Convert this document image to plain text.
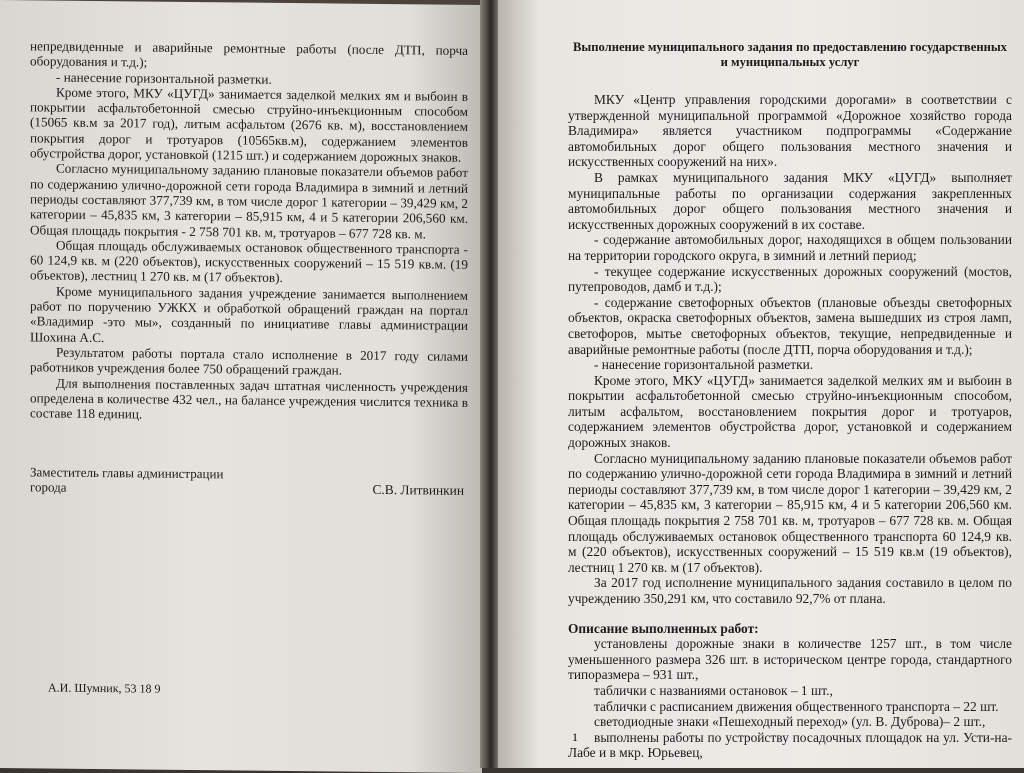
непредвиденные и аварийные ремонтные работы (после ДТП, порча оборудования и т.д.);

- нанесение горизонтальной разметки.

Кроме этого, МКУ «ЦУГД» занимается заделкой мелких ям и выбоин в покрытии асфальтобетонной смесью струйно-инъекционным способом (15065 кв.м за 2017 год), литым асфальтом (2676 кв. м), восстановлением покрытия дорог и тротуаров (10565кв.м), содержанием элементов обустройства дорог, установкой (1215 шт.) и содержанием дорожных знаков.

Согласно муниципальному заданию плановые показатели объемов работ по содержанию улично-дорожной сети города Владимира в зимний и летний периоды составляют 377,739 км, в том числе дорог 1 категории – 39,429 км, 2 категории – 45,835 км, 3 категории – 85,915 км, 4 и 5 категории 206,560 км. Общая площадь покрытия - 2 758 701 кв. м, тротуаров – 677 728 кв. м.

Общая площадь обслуживаемых остановок общественного транспорта - 60 124,9 кв. м (220 объектов), искусственных сооружений – 15 519 кв.м. (19 объектов), лестниц 1 270 кв. м (17 объектов).

Кроме муниципального задания учреждение занимается выполнением работ по поручению УЖКХ и обработкой обращений граждан на портал «Владимир -это мы», созданный по инициативе главы администрации Шохина А.С.

Результатом работы портала стало исполнение в 2017 году силами работников учреждения более 750 обращений граждан.

Для выполнения поставленных задач штатная численность учреждения определена в количестве 432 чел., на балансе учреждения числится техника в составе 118 единиц.

Заместитель главы администрации города	С.В. Литвинкин
А.И. Шумник, 53 18 9

Выполнение муниципального задания по предоставлению государственных и муниципальных услуг

МКУ «Центр управления городскими дорогами» в соответствии с утвержденной муниципальной программой «Дорожное хозяйство города Владимира» является участником подпрограммы «Содержание автомобильных дорог общего пользования местного значения и искусственных сооружений на них».

В рамках муниципального задания МКУ «ЦУГД» выполняет муниципальные работы по организации содержания закрепленных автомобильных дорог общего пользования местного значения и искусственных дорожных сооружений в их составе.

- содержание автомобильных дорог, находящихся в общем пользовании на территории городского округа, в зимний и летний период;

- текущее содержание искусственных дорожных сооружений (мостов, путепроводов, дамб и т.д.);

- содержание светофорных объектов (плановые объезды светофорных объектов, окраска светофорных объектов, замена вышедших из строя ламп, светофоров, мытье светофорных объектов, текущие, непредвиденные и аварийные ремонтные работы (после ДТП, порча оборудования и т.д.);

- нанесение горизонтальной разметки.

Кроме этого, МКУ «ЦУГД» занимается заделкой мелких ям и выбоин в покрытии асфальтобетонной смесью струйно-инъекционным способом, литым асфальтом, восстановлением покрытия дорог и тротуаров, содержанием элементов обустройства дорог, установкой и содержанием дорожных знаков.

Согласно муниципальному заданию плановые показатели объемов работ по содержанию улично-дорожной сети города Владимира в зимний и летний периоды составляют 377,739 км, в том числе дорог 1 категории – 39,429 км, 2 категории – 45,835 км, 3 категории – 85,915 км, 4 и 5 категории 206,560 км. Общая площадь покрытия 2 758 701 кв. м, тротуаров – 677 728 кв. м. Общая площадь обслуживаемых остановок общественного транспорта 60 124,9 кв. м (220 объектов), искусственных сооружений – 15 519 кв.м (19 объектов), лестниц 1 270 кв. м (17 объектов).

За 2017 год исполнение муниципального задания составило в целом по учреждению 350,291 км, что составило 92,7% от плана.

Описание выполненных работ:

установлены дорожные знаки в количестве 1257 шт., в том числе уменьшенного размера 326 шт. в историческом центре города, стандартного типоразмера – 931 шт.,

таблички с названиями остановок – 1 шт.,

таблички с расписанием движения общественного транспорта – 22 шт.

светодиодные знаки «Пешеходный переход» (ул. В. Дуброва)– 2 шт.,

выполнены работы по устройству посадочных площадок на ул. Усти-на-Лабе и в мкр. Юрьевец,

1
